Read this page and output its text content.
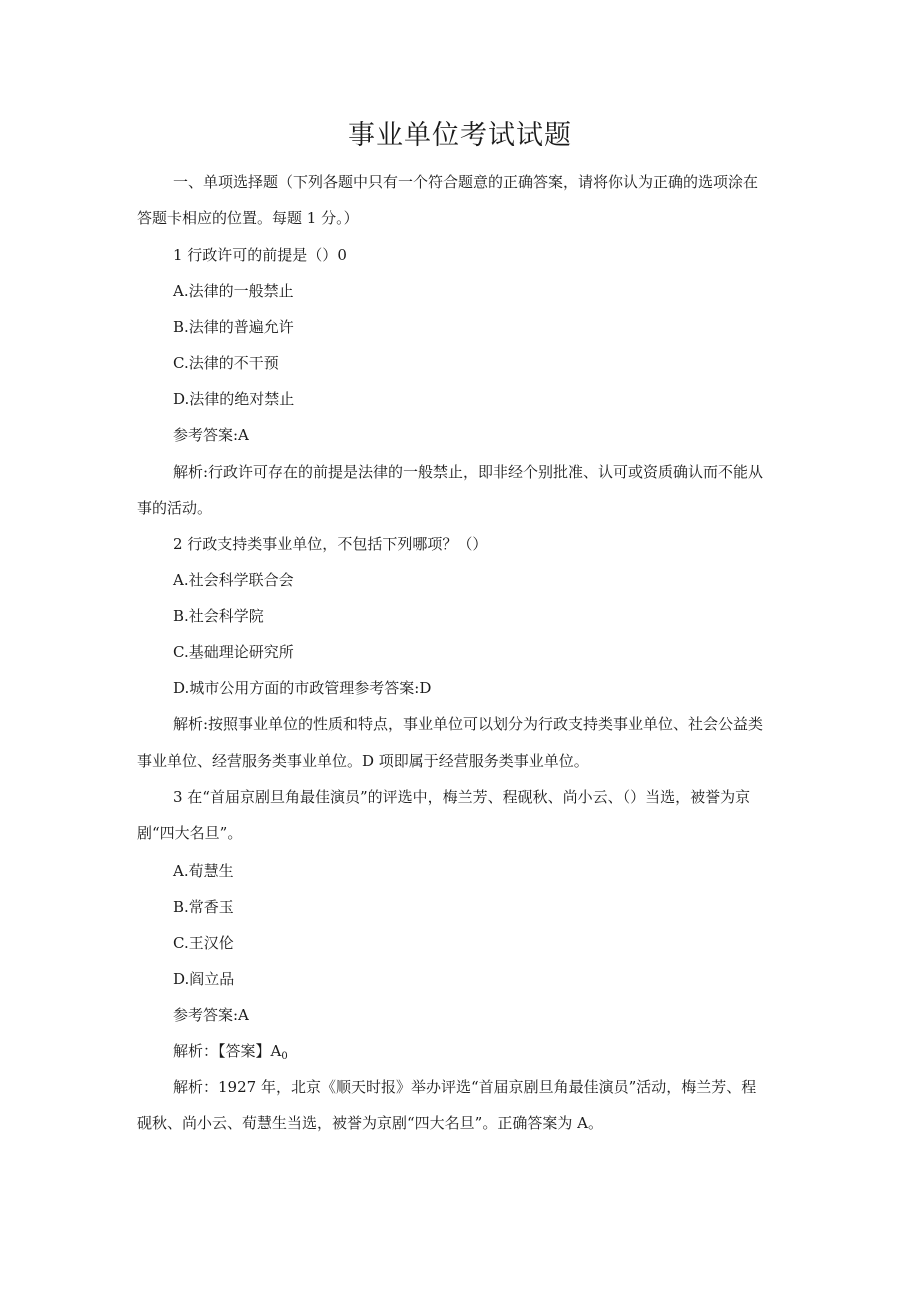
事业单位考试试题
一、单项选择题（下列各题中只有一个符合题意的正确答案，请将你认为正确的选项涂在
答题卡相应的位置。每题 1 分。）
1 行政许可的前提是（）0
A.法律的一般禁止
B.法律的普遍允许
C.法律的不干预
D.法律的绝对禁止
参考答案:A
解析:行政许可存在的前提是法律的一般禁止，即非经个别批准、认可或资质确认而不能从
事的活动。
2 行政支持类事业单位，不包括下列哪项？（）
A.社会科学联合会
B.社会科学院
C.基础理论研究所
D.城市公用方面的市政管理参考答案:D
解析:按照事业单位的性质和特点，事业单位可以划分为行政支持类事业单位、社会公益类
事业单位、经营服务类事业单位。D 项即属于经营服务类事业单位。
3 在“首届京剧旦角最佳演员”的评选中，梅兰芳、程砚秋、尚小云、（）当选，被誉为京
剧“四大名旦”。
A.荀慧生
B.常香玉
C.王汉伦
D.阎立品
参考答案:A
解析：【答案】$A_0$
解析：1927 年，北京《顺天时报》举办评选“首届京剧旦角最佳演员”活动，梅兰芳、程
砚秋、尚小云、荀慧生当选，被誉为京剧“四大名旦”。正确答案为 A。
